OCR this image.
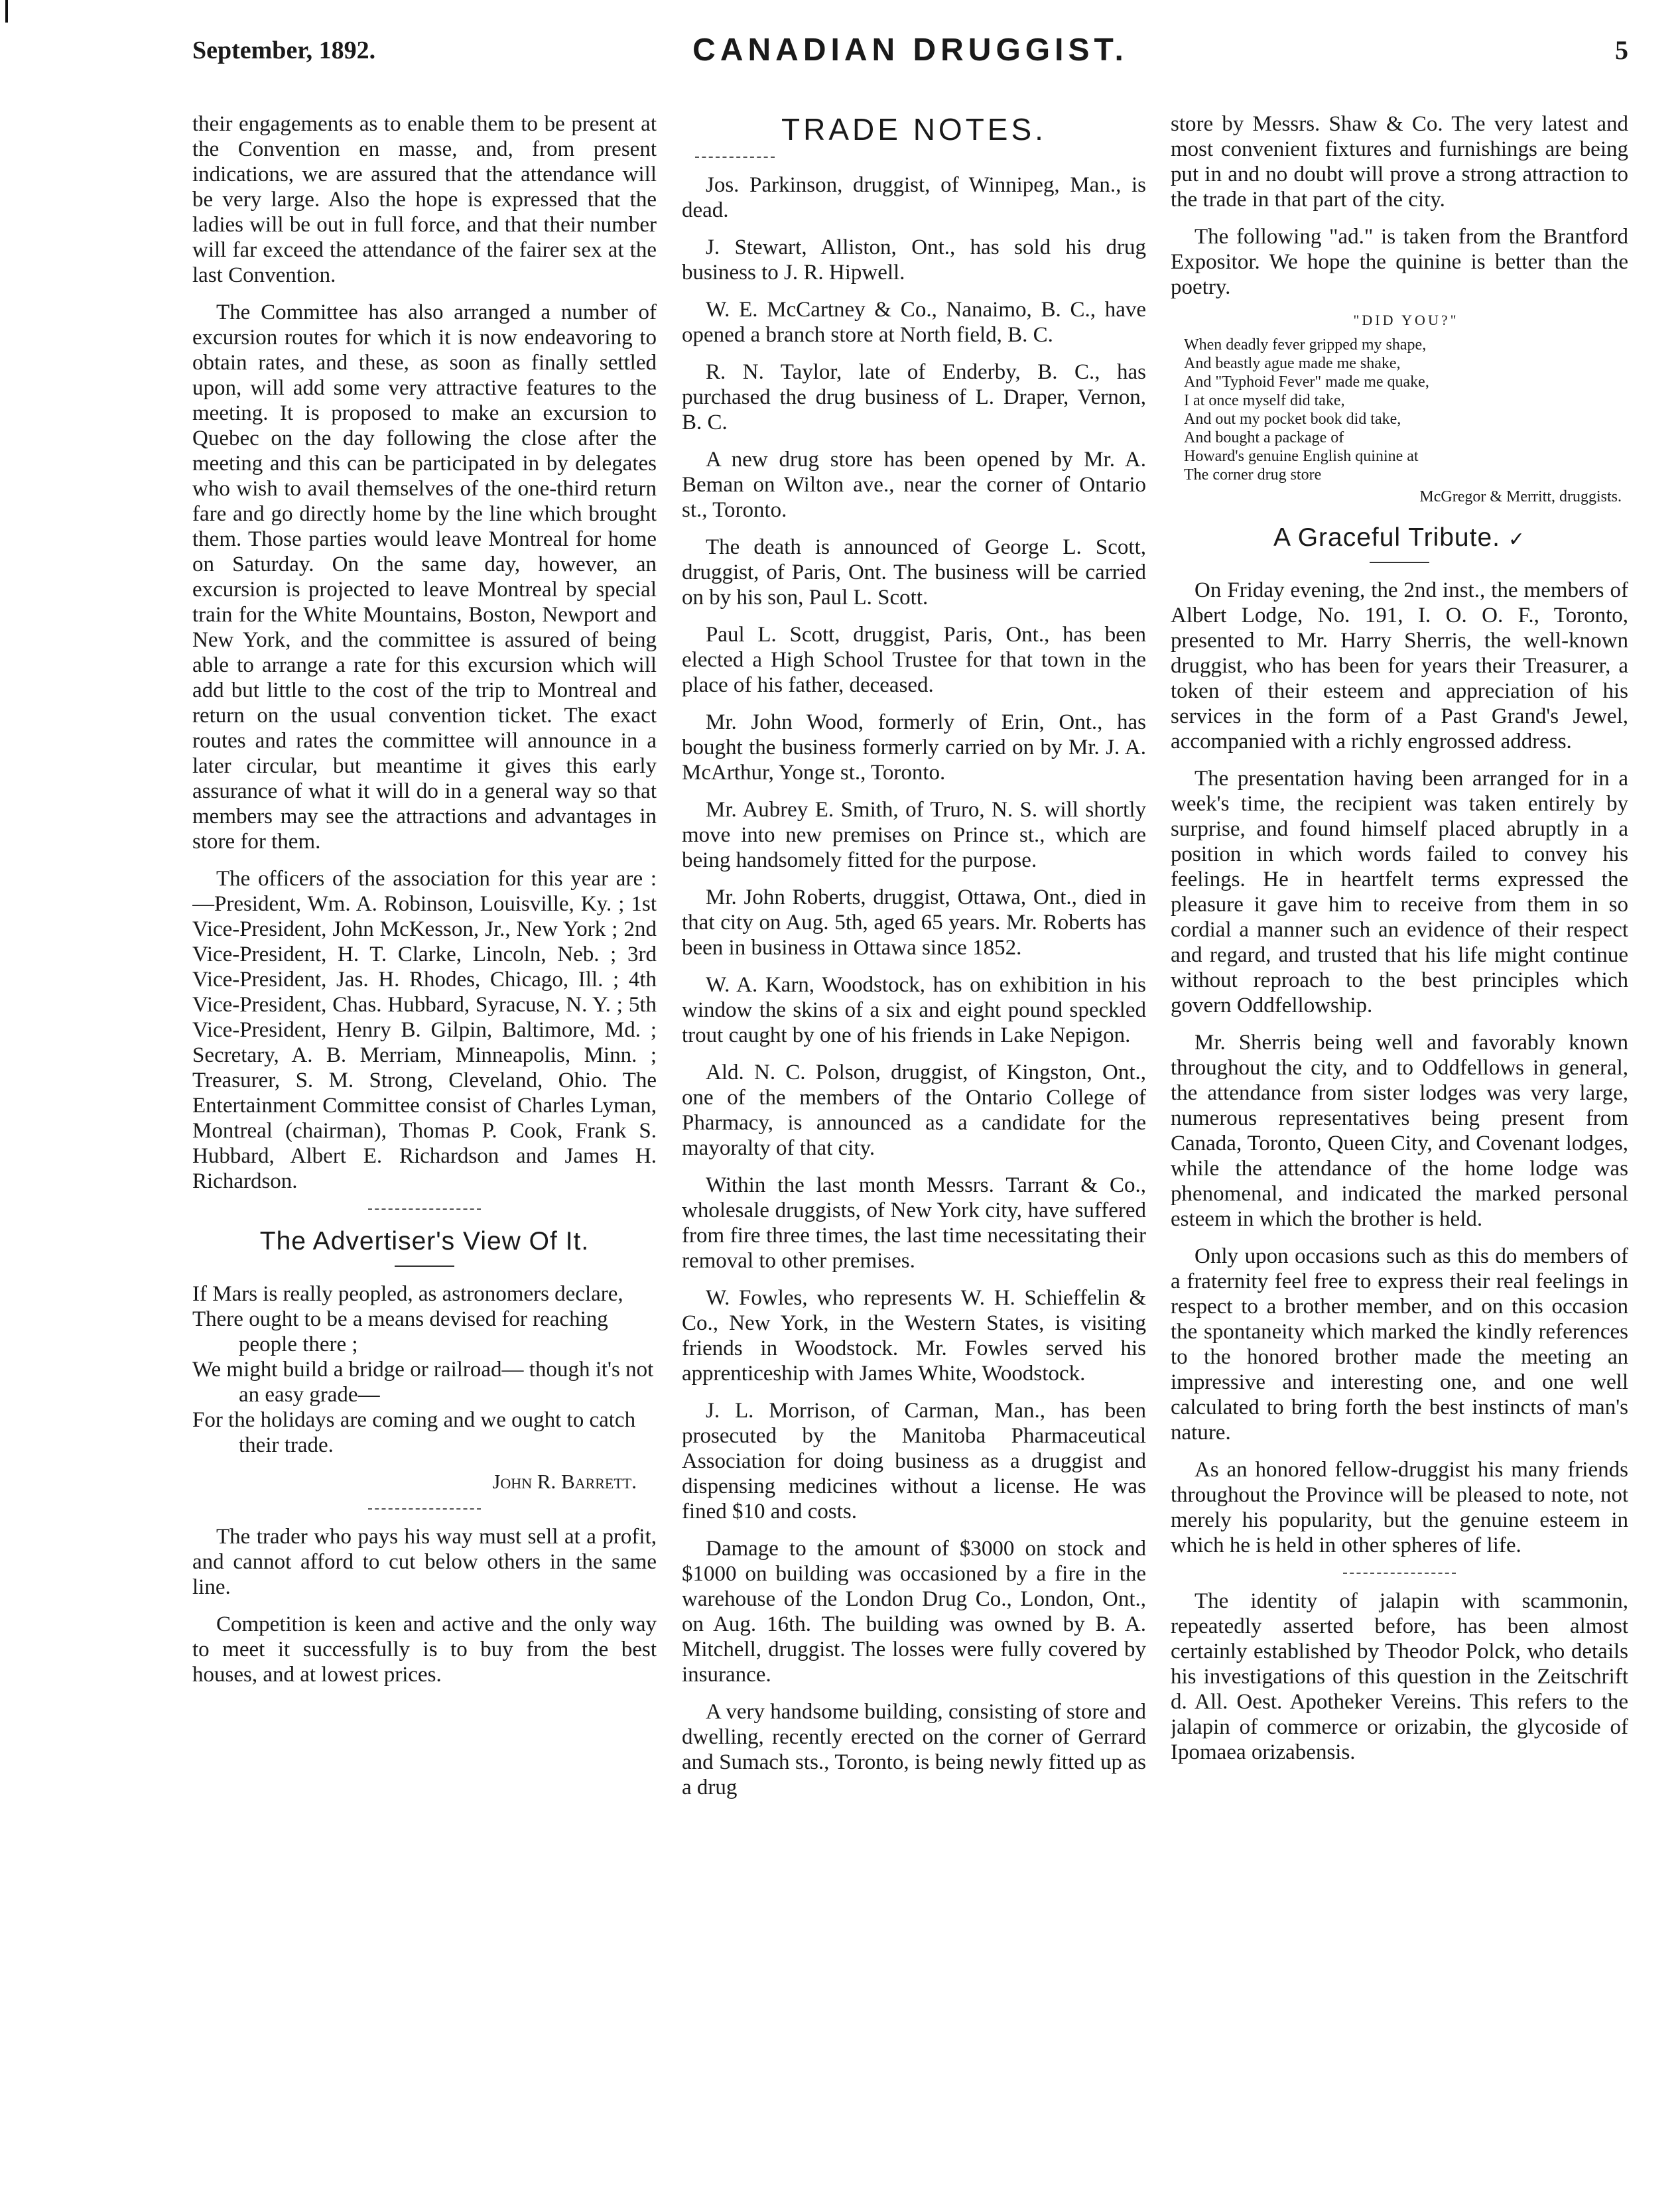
September, 1892.	CANADIAN DRUGGIST.	5

their engagements as to enable them to be present at the Convention en masse, and, from present indications, we are assured that the attendance will be very large. Also the hope is expressed that the ladies will be out in full force, and that their number will far exceed the attendance of the fairer sex at the last Convention.

The Committee has also arranged a number of excursion routes for which it is now endeavoring to obtain rates, and these, as soon as finally settled upon, will add some very attractive features to the meeting. It is proposed to make an excursion to Quebec on the day following the close after the meeting and this can be participated in by delegates who wish to avail themselves of the one-third return fare and go directly home by the line which brought them. Those parties would leave Montreal for home on Saturday. On the same day, however, an excursion is projected to leave Montreal by special train for the White Mountains, Boston, Newport and New York, and the committee is assured of being able to arrange a rate for this excursion which will add but little to the cost of the trip to Montreal and return on the usual convention ticket. The exact routes and rates the committee will announce in a later circular, but meantime it gives this early assurance of what it will do in a general way so that members may see the attractions and advantages in store for them.

The officers of the association for this year are :—President, Wm. A. Robinson, Louisville, Ky. ; 1st Vice-President, John McKesson, Jr., New York ; 2nd Vice-President, H. T. Clarke, Lincoln, Neb. ; 3rd Vice-President, Jas. H. Rhodes, Chicago, Ill. ; 4th Vice-President, Chas. Hubbard, Syracuse, N. Y. ; 5th Vice-President, Henry B. Gilpin, Baltimore, Md. ; Secretary, A. B. Merriam, Minneapolis, Minn. ; Treasurer, S. M. Strong, Cleveland, Ohio. The Entertainment Committee consist of Charles Lyman, Montreal (chairman), Thomas P. Cook, Frank S. Hubbard, Albert E. Richardson and James H. Richardson.

The Advertiser's View Of It.
If Mars is really peopled, as astronomers declare,
There ought to be a means devised for reaching people there ;
We might build a bridge or railroad— though it's not an easy grade—
For the holidays are coming and we ought to catch their trade.
John R. Barrett.

The trader who pays his way must sell at a profit, and cannot afford to cut below others in the same line.

Competition is keen and active and the only way to meet it successfully is to buy from the best houses, and at lowest prices.

TRADE NOTES.

Jos. Parkinson, druggist, of Winnipeg, Man., is dead.

J. Stewart, Alliston, Ont., has sold his drug business to J. R. Hipwell.

W. E. McCartney & Co., Nanaimo, B. C., have opened a branch store at North field, B. C.

R. N. Taylor, late of Enderby, B. C., has purchased the drug business of L. Draper, Vernon, B. C.

A new drug store has been opened by Mr. A. Beman on Wilton ave., near the corner of Ontario st., Toronto.

The death is announced of George L. Scott, druggist, of Paris, Ont. The business will be carried on by his son, Paul L. Scott.

Paul L. Scott, druggist, Paris, Ont., has been elected a High School Trustee for that town in the place of his father, deceased.

Mr. John Wood, formerly of Erin, Ont., has bought the business formerly carried on by Mr. J. A. McArthur, Yonge st., Toronto.

Mr. Aubrey E. Smith, of Truro, N. S. will shortly move into new premises on Prince st., which are being handsomely fitted for the purpose.

Mr. John Roberts, druggist, Ottawa, Ont., died in that city on Aug. 5th, aged 65 years. Mr. Roberts has been in business in Ottawa since 1852.

W. A. Karn, Woodstock, has on exhibition in his window the skins of a six and eight pound speckled trout caught by one of his friends in Lake Nepigon.

Ald. N. C. Polson, druggist, of Kingston, Ont., one of the members of the Ontario College of Pharmacy, is announced as a candidate for the mayoralty of that city.

Within the last month Messrs. Tarrant & Co., wholesale druggists, of New York city, have suffered from fire three times, the last time necessitating their removal to other premises.

W. Fowles, who represents W. H. Schieffelin & Co., New York, in the Western States, is visiting friends in Woodstock. Mr. Fowles served his apprenticeship with James White, Woodstock.

J. L. Morrison, of Carman, Man., has been prosecuted by the Manitoba Pharmaceutical Association for doing business as a druggist and dispensing medicines without a license. He was fined $10 and costs.

Damage to the amount of $3000 on stock and $1000 on building was occasioned by a fire in the warehouse of the London Drug Co., London, Ont., on Aug. 16th. The building was owned by B. A. Mitchell, druggist. The losses were fully covered by insurance.

A very handsome building, consisting of store and dwelling, recently erected on the corner of Gerrard and Sumach sts., Toronto, is being newly fitted up as a drug

store by Messrs. Shaw & Co. The very latest and most convenient fixtures and furnishings are being put in and no doubt will prove a strong attraction to the trade in that part of the city.

The following "ad." is taken from the Brantford Expositor. We hope the quinine is better than the poetry.

"DID YOU?"
When deadly fever gripped my shape,
And beastly ague made me shake,
And "Typhoid Fever" made me quake,
I at once myself did take,
And out my pocket book did take,
And bought a package of
Howard's genuine English quinine at
The corner drug store
McGregor & Merritt, druggists.
A Graceful Tribute. ✓

On Friday evening, the 2nd inst., the members of Albert Lodge, No. 191, I. O. O. F., Toronto, presented to Mr. Harry Sherris, the well-known druggist, who has been for years their Treasurer, a token of their esteem and appreciation of his services in the form of a Past Grand's Jewel, accompanied with a richly engrossed address.

The presentation having been arranged for in a week's time, the recipient was taken entirely by surprise, and found himself placed abruptly in a position in which words failed to convey his feelings. He in heartfelt terms expressed the pleasure it gave him to receive from them in so cordial a manner such an evidence of their respect and regard, and trusted that his life might continue without reproach to the best principles which govern Oddfellowship.

Mr. Sherris being well and favorably known throughout the city, and to Oddfellows in general, the attendance from sister lodges was very large, numerous representatives being present from Canada, Toronto, Queen City, and Covenant lodges, while the attendance of the home lodge was phenomenal, and indicated the marked personal esteem in which the brother is held.

Only upon occasions such as this do members of a fraternity feel free to express their real feelings in respect to a brother member, and on this occasion the spontaneity which marked the kindly references to the honored brother made the meeting an impressive and interesting one, and one well calculated to bring forth the best instincts of man's nature.

As an honored fellow-druggist his many friends throughout the Province will be pleased to note, not merely his popularity, but the genuine esteem in which he is held in other spheres of life.

The identity of jalapin with scammonin, repeatedly asserted before, has been almost certainly established by Theodor Polck, who details his investigations of this question in the Zeitschrift d. All. Oest. Apotheker Vereins. This refers to the jalapin of commerce or orizabin, the glycoside of Ipomaea orizabensis.
